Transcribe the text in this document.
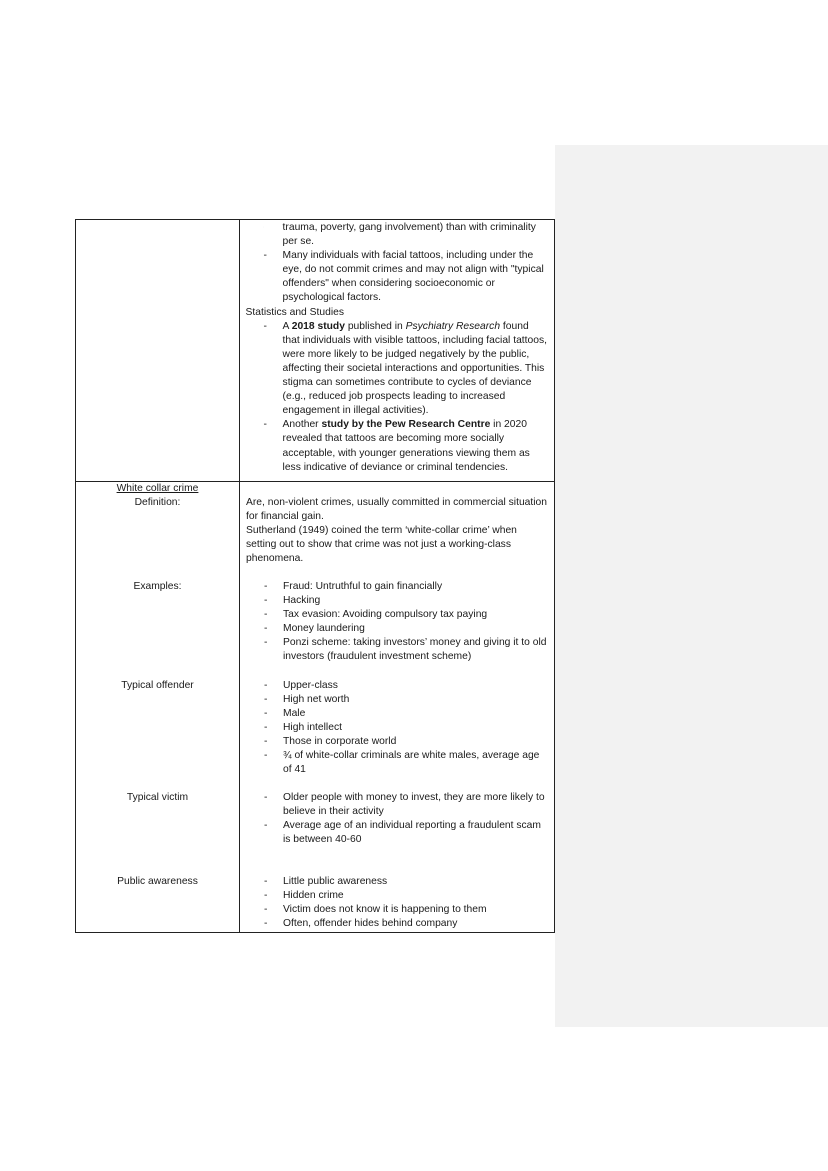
- trauma, poverty, gang involvement) than with criminality per se.
- Many individuals with facial tattoos, including under the eye, do not commit crimes and may not align with "typical offenders" when considering socioeconomic or psychological factors.

Statistics and Studies

- A 2018 study published in Psychiatry Research found that individuals with visible tattoos, including facial tattoos, were more likely to be judged negatively by the public, affecting their societal interactions and opportunities. This stigma can sometimes contribute to cycles of deviance (e.g., reduced job prospects leading to increased engagement in illegal activities).
- Another study by the Pew Research Centre in 2020 revealed that tattoos are becoming more socially acceptable, with younger generations viewing them as less indicative of deviance or criminal tendencies.

White collar crime
Definition:	Are, non-violent crimes, usually committed in commercial situation for financial gain.

Sutherland (1949) coined the term ‘white-collar crime’ when setting out to show that crime was not just a working-class phenomena.

Examples:	- Fraud: Untruthful to gain financially
- Hacking
- Tax evasion: Avoiding compulsory tax paying
- Money laundering
- Ponzi scheme: taking investors’ money and giving it to old investors (fraudulent investment scheme)
Typical offender	- Upper-class
- High net worth
- Male
- High intellect
- Those in corporate world
- ¾ of white-collar criminals are white males, average age of 41
Typical victim	- Older people with money to invest, they are more likely to believe in their activity
- Average age of an individual reporting a fraudulent scam is between 40-60
Public awareness	- Little public awareness
- Hidden crime
- Victim does not know it is happening to them
- Often, offender hides behind company
